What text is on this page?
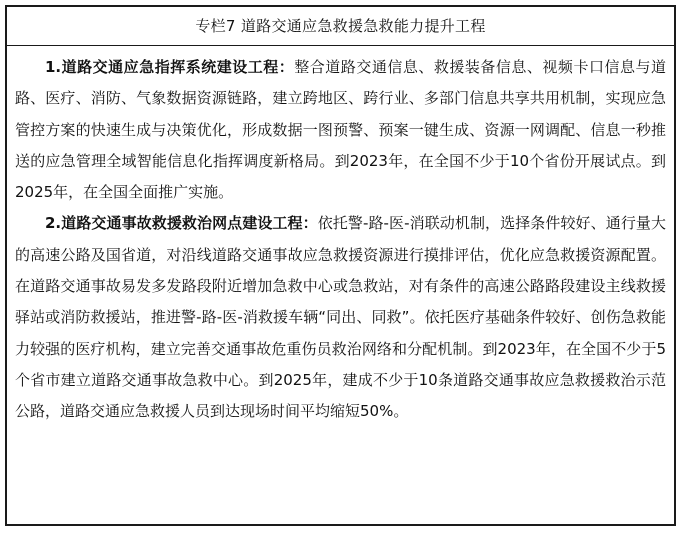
专栏7 道路交通应急救援急救能力提升工程

1.道路交通应急指挥系统建设工程：整合道路交通信息、救援装备信息、视频卡口信息与道路、医疗、消防、气象数据资源链路，建立跨地区、跨行业、多部门信息共享共用机制，实现应急管控方案的快速生成与决策优化，形成数据一图预警、预案一键生成、资源一网调配、信息一秒推送的应急管理全域智能信息化指挥调度新格局。到2023年，在全国不少于10个省份开展试点。到2025年，在全国全面推广实施。

2.道路交通事故救援救治网点建设工程：依托警-路-医-消联动机制，选择条件较好、通行量大的高速公路及国省道，对沿线道路交通事故应急救援资源进行摸排评估，优化应急救援资源配置。在道路交通事故易发多发路段附近增加急救中心或急救站，对有条件的高速公路路段建设主线救援驿站或消防救援站，推进警-路-医-消救援车辆“同出、同救”。依托医疗基础条件较好、创伤急救能力较强的医疗机构，建立完善交通事故危重伤员救治网络和分配机制。到2023年，在全国不少于5个省市建立道路交通事故急救中心。到2025年，建成不少于10条道路交通事故应急救援救治示范公路，道路交通应急救援人员到达现场时间平均缩短50%。
